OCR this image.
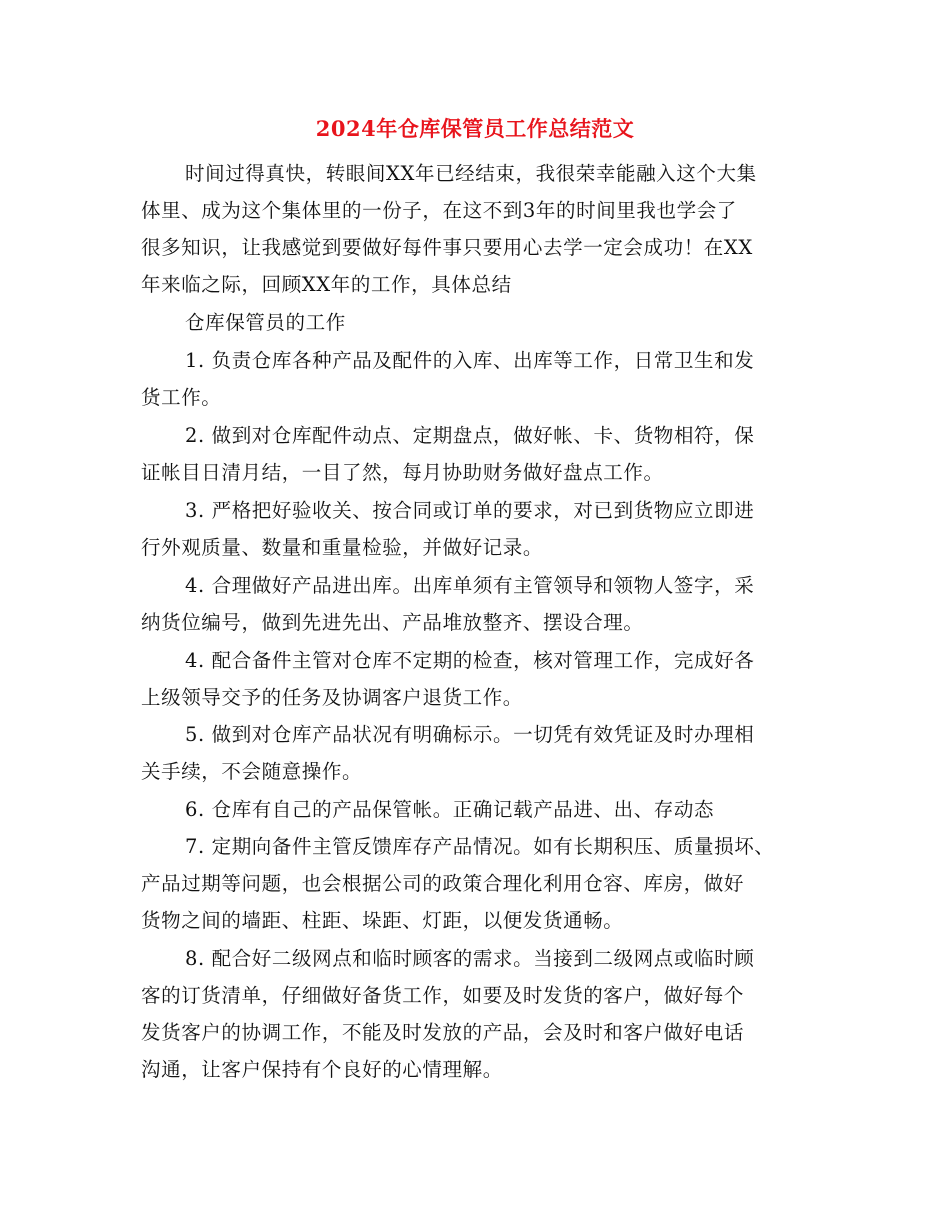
2024年仓库保管员工作总结范文
时间过得真快，转眼间XX年已经结束，我很荣幸能融入这个大集
体里、成为这个集体里的一份子，在这不到3年的时间里我也学会了
很多知识，让我感觉到要做好每件事只要用心去学一定会成功！在XX
年来临之际，回顾XX年的工作，具体总结
仓库保管员的工作
1. 负责仓库各种产品及配件的入库、出库等工作，日常卫生和发
货工作。
2. 做到对仓库配件动点、定期盘点，做好帐、卡、货物相符，保
证帐目日清月结，一目了然，每月协助财务做好盘点工作。
3. 严格把好验收关、按合同或订单的要求，对已到货物应立即进
行外观质量、数量和重量检验，并做好记录。
4. 合理做好产品进出库。出库单须有主管领导和领物人签字，采
纳货位编号，做到先进先出、产品堆放整齐、摆设合理。
4. 配合备件主管对仓库不定期的检查，核对管理工作，完成好各
上级领导交予的任务及协调客户退货工作。
5. 做到对仓库产品状况有明确标示。一切凭有效凭证及时办理相
关手续，不会随意操作。
6. 仓库有自己的产品保管帐。正确记载产品进、出、存动态
7. 定期向备件主管反馈库存产品情况。如有长期积压、质量损坏、
产品过期等问题，也会根据公司的政策合理化利用仓容、库房，做好
货物之间的墙距、柱距、垛距、灯距，以便发货通畅。
8. 配合好二级网点和临时顾客的需求。当接到二级网点或临时顾
客的订货清单，仔细做好备货工作，如要及时发货的客户，做好每个
发货客户的协调工作，不能及时发放的产品，会及时和客户做好电话
沟通，让客户保持有个良好的心情理解。
